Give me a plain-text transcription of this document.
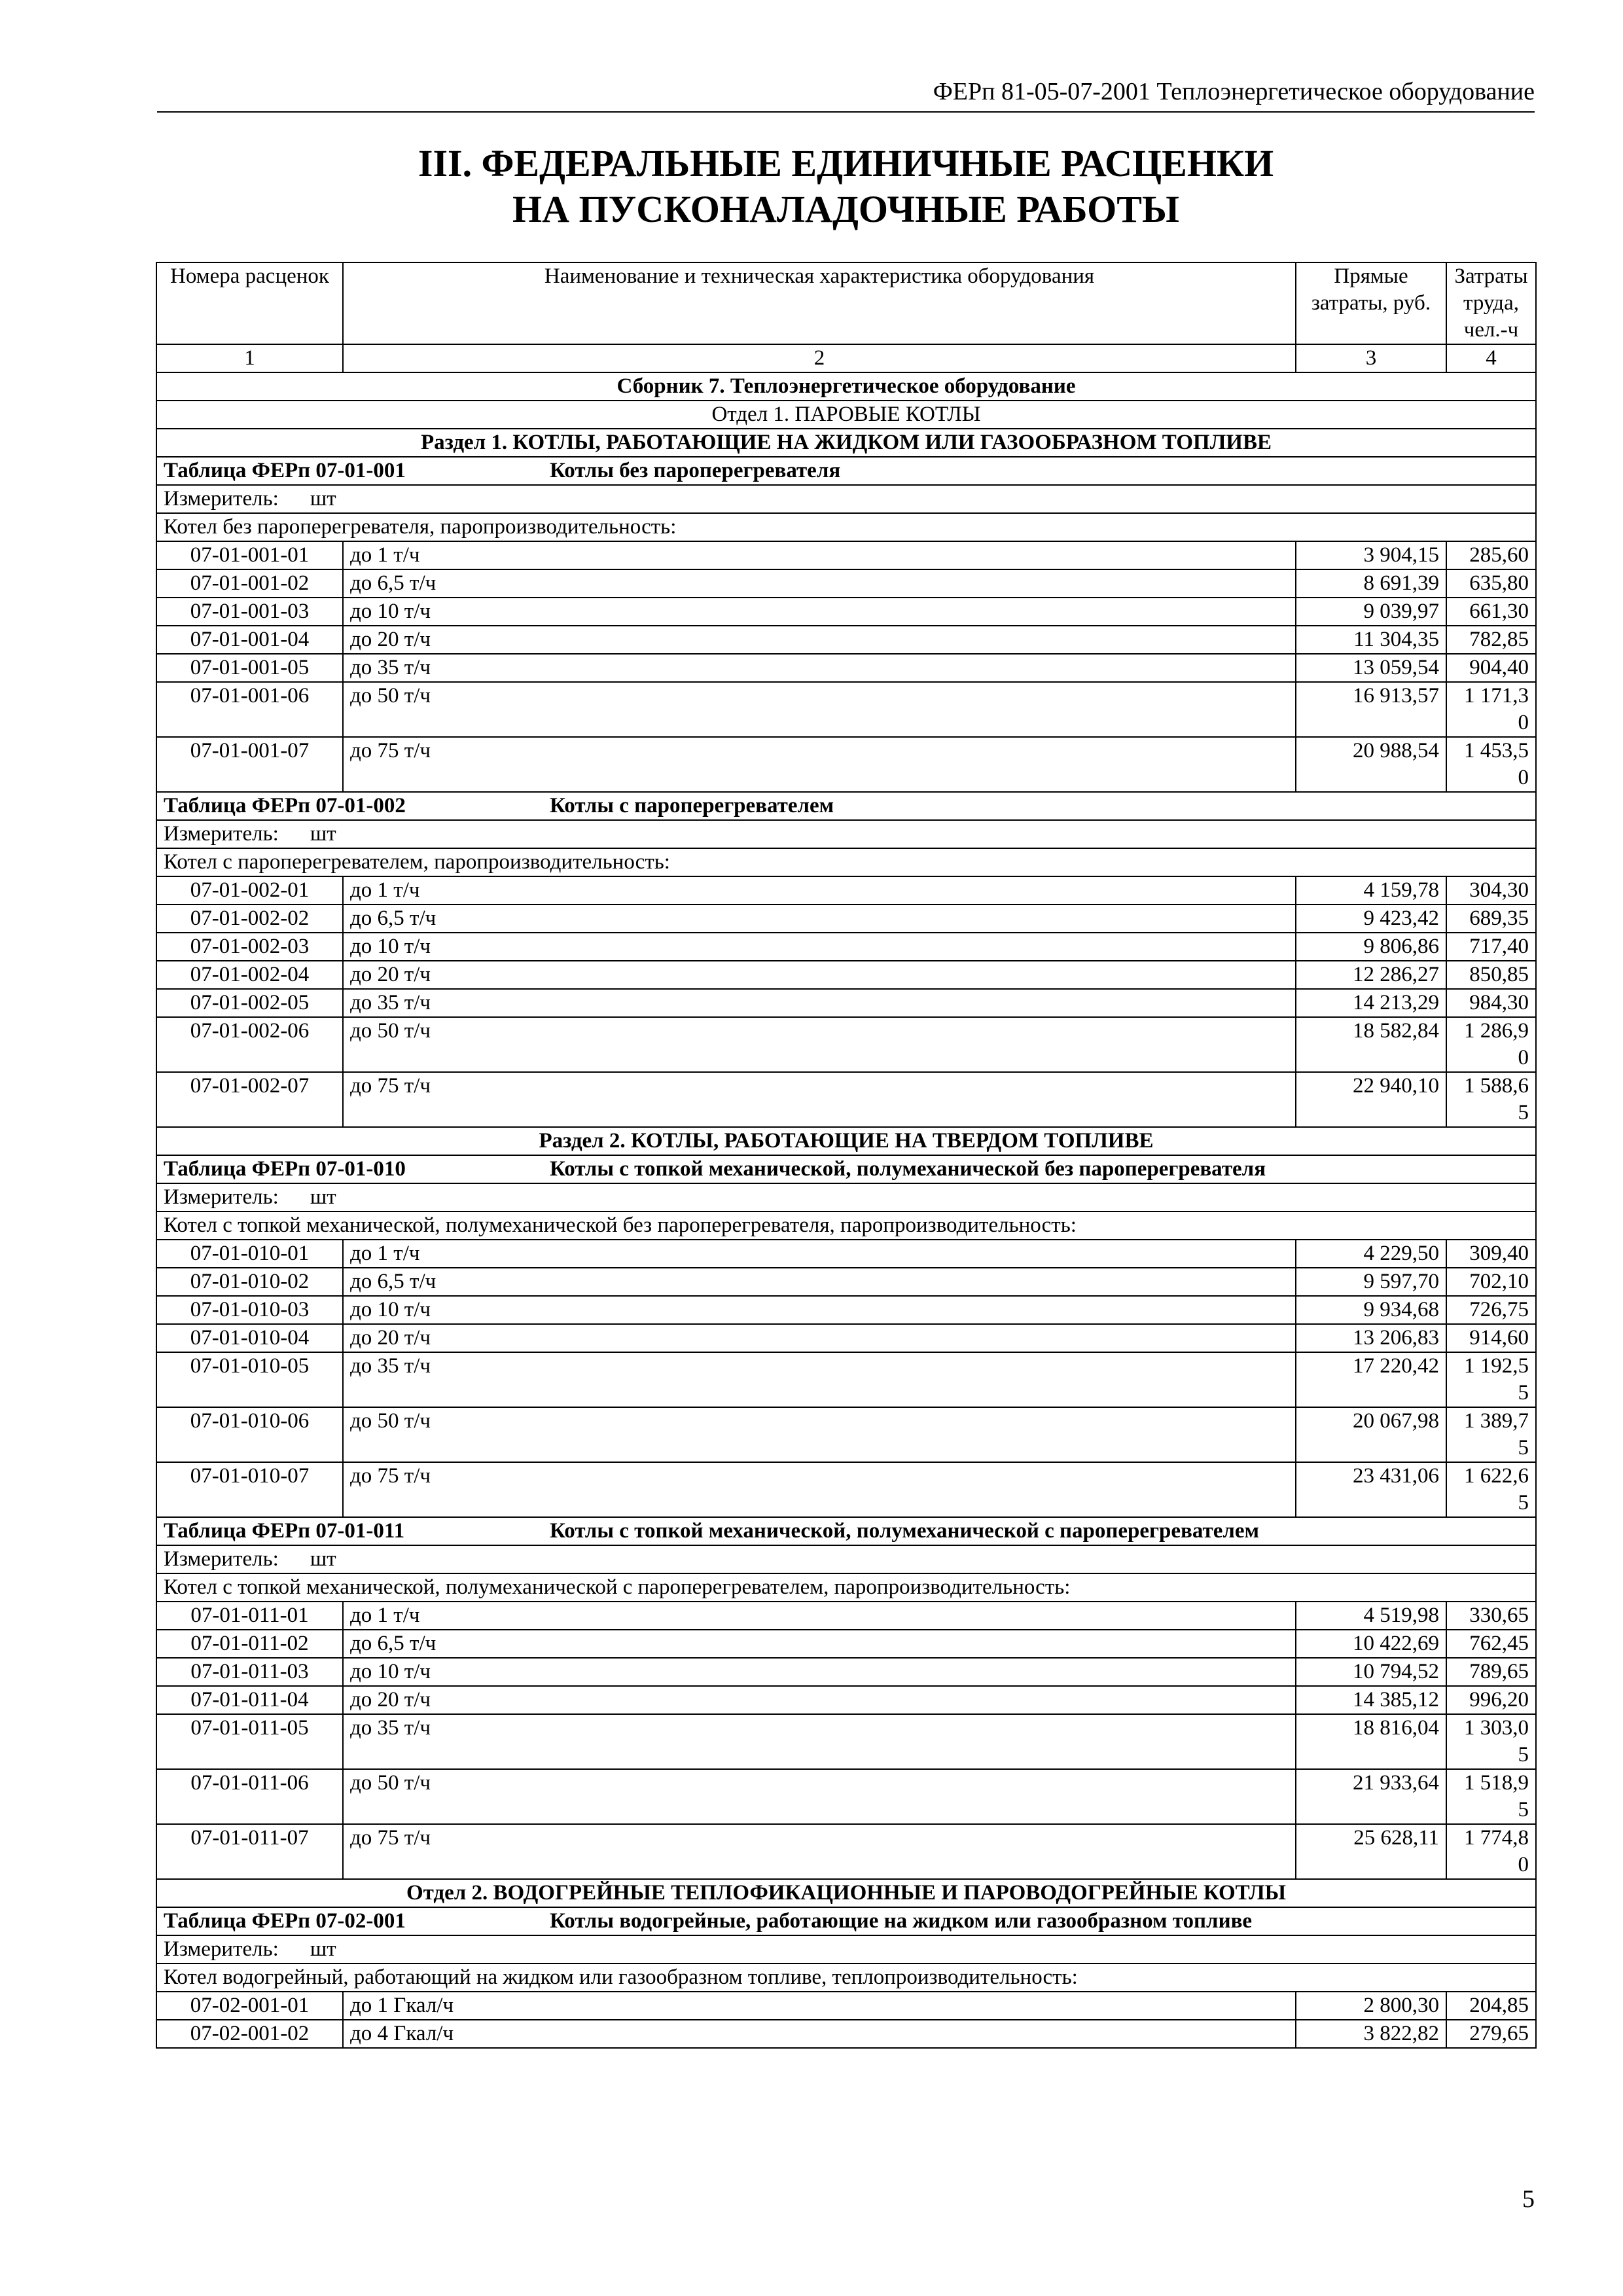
ФЕРп 81-05-07-2001 Теплоэнергетическое оборудование
III. ФЕДЕРАЛЬНЫЕ ЕДИНИЧНЫЕ РАСЦЕНКИ
НА ПУСКОНАЛАДОЧНЫЕ РАБОТЫ
Номера расценок	Наименование и техническая характеристика оборудования	Прямые затраты, руб.	Затраты труда, чел.-ч
1	2	3	4
Сборник 7. Теплоэнергетическое оборудование			
Отдел 1. ПАРОВЫЕ КОТЛЫ			
Раздел 1. КОТЛЫ, РАБОТАЮЩИЕ НА ЖИДКОМ ИЛИ ГАЗООБРАЗНОМ ТОПЛИВЕ			
Таблица ФЕРп 07-01-001 Котлы без пароперегревателя			
Измеритель: шт			
Котел без пароперегревателя, паропроизводительность:			
07-01-001-01	до 1 т/ч	3 904,15	285,60
07-01-001-02	до 6,5 т/ч	8 691,39	635,80
07-01-001-03	до 10 т/ч	9 039,97	661,30
07-01-001-04	до 20 т/ч	11 304,35	782,85
07-01-001-05	до 35 т/ч	13 059,54	904,40
07-01-001-06	до 50 т/ч	16 913,57	1 171,30
07-01-001-07	до 75 т/ч	20 988,54	1 453,50
Таблица ФЕРп 07-01-002 Котлы с пароперегревателем			
Измеритель: шт			
Котел с пароперегревателем, паропроизводительность:			
07-01-002-01	до 1 т/ч	4 159,78	304,30
07-01-002-02	до 6,5 т/ч	9 423,42	689,35
07-01-002-03	до 10 т/ч	9 806,86	717,40
07-01-002-04	до 20 т/ч	12 286,27	850,85
07-01-002-05	до 35 т/ч	14 213,29	984,30
07-01-002-06	до 50 т/ч	18 582,84	1 286,90
07-01-002-07	до 75 т/ч	22 940,10	1 588,65
Раздел 2. КОТЛЫ, РАБОТАЮЩИЕ НА ТВЕРДОМ ТОПЛИВЕ			
Таблица ФЕРп 07-01-010 Котлы с топкой механической, полумеханической без пароперегревателя			
Измеритель: шт			
Котел с топкой механической, полумеханической без пароперегревателя, паропроизводительность:			
07-01-010-01	до 1 т/ч	4 229,50	309,40
07-01-010-02	до 6,5 т/ч	9 597,70	702,10
07-01-010-03	до 10 т/ч	9 934,68	726,75
07-01-010-04	до 20 т/ч	13 206,83	914,60
07-01-010-05	до 35 т/ч	17 220,42	1 192,55
07-01-010-06	до 50 т/ч	20 067,98	1 389,75
07-01-010-07	до 75 т/ч	23 431,06	1 622,65
Таблица ФЕРп 07-01-011 Котлы с топкой механической, полумеханической с пароперегревателем			
Измеритель: шт			
Котел с топкой механической, полумеханической с пароперегревателем, паропроизводительность:			
07-01-011-01	до 1 т/ч	4 519,98	330,65
07-01-011-02	до 6,5 т/ч	10 422,69	762,45
07-01-011-03	до 10 т/ч	10 794,52	789,65
07-01-011-04	до 20 т/ч	14 385,12	996,20
07-01-011-05	до 35 т/ч	18 816,04	1 303,05
07-01-011-06	до 50 т/ч	21 933,64	1 518,95
07-01-011-07	до 75 т/ч	25 628,11	1 774,80
Отдел 2. ВОДОГРЕЙНЫЕ ТЕПЛОФИКАЦИОННЫЕ И ПАРОВОДОГРЕЙНЫЕ КОТЛЫ			
Таблица ФЕРп 07-02-001 Котлы водогрейные, работающие на жидком или газообразном топливе			
Измеритель: шт			
Котел водогрейный, работающий на жидком или газообразном топливе, теплопроизводительность:			
07-02-001-01	до 1 Гкал/ч	2 800,30	204,85
07-02-001-02	до 4 Гкал/ч	3 822,82	279,65
5
